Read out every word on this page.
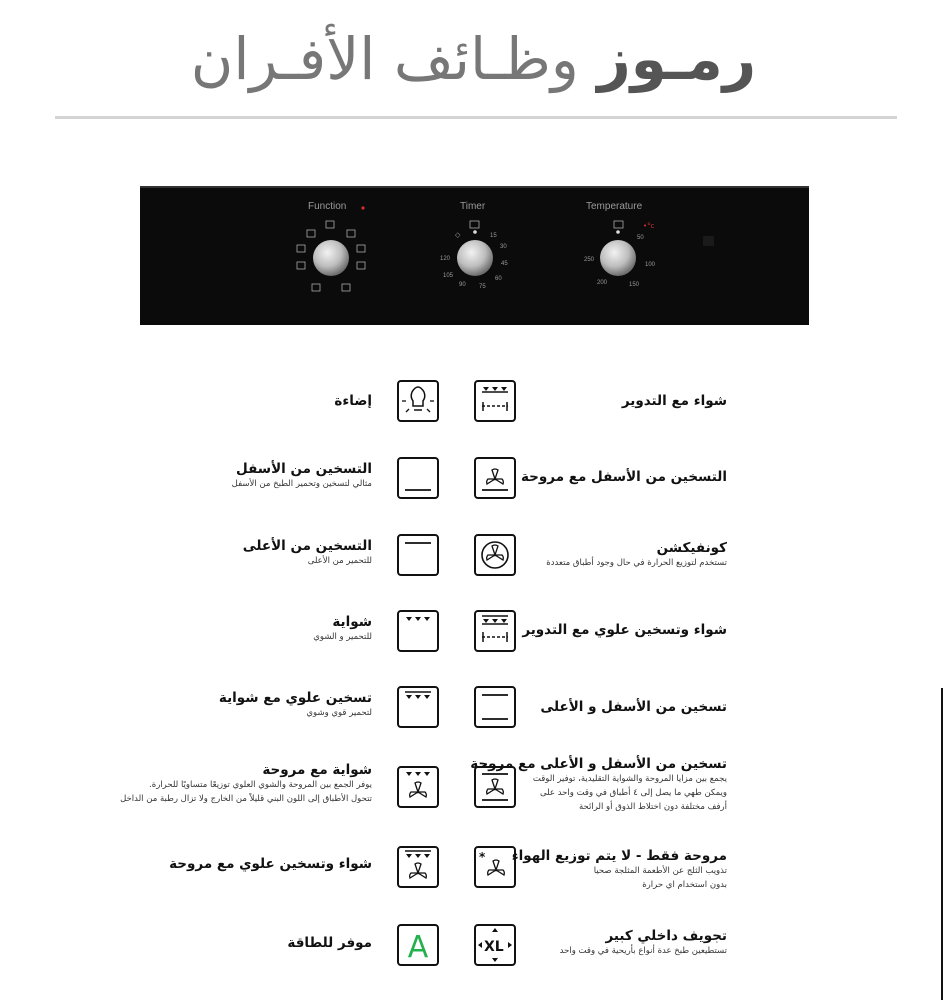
رمـوز وظـائف الأفـران
Function	Timer	Temperature
◇
•°c
15
30
45
60
75
90
105
120
50
100
150
200
250
*
XL
A
شواء مع التدوير
التسخين من الأسفل مع مروحة
كونفيكشن
تستخدم لتوزيع الحرارة في حال وجود أطباق متعددة
شواء وتسخين علوي مع التدوير
تسخين من الأسفل و الأعلى
تسخين من الأسفل و الأعلى مع مروحة
يجمع بين مزايا المروحة والشواية التقليدية، توفير الوقت
ويمكن طهي ما يصل إلى ٤ أطباق في وقت واحد على
أرفف مختلفة دون اختلاط الذوق أو الرائحة
مروحة فقط - لا يتم توزيع الهواء
تذويب الثلج عن الأطعمة المثلجة صحيا
بدون استخدام اي حرارة
تجويف داخلي كبير
تستطيعين طبخ عدة أنواع بأريحية في وقت واحد
إضاءة
التسخين من الأسفل
مثالي لتسخين وتحمير الطبخ من الأسفل
التسخين من الأعلى
للتحمير من الأعلى
شواية
للتحمير و الشوي
تسخين علوي مع شواية
لتحمير قوي وشوي
شواية مع مروحة
يوفر الجمع بين المروحة والشوي العلوي توزيعًا متساويًا للحرارة.
تتحول الأطباق إلى اللون البني قليلاً من الخارج ولا تزال رطبة من الداخل
شواء وتسخين علوي مع مروحة
موفر للطاقة
